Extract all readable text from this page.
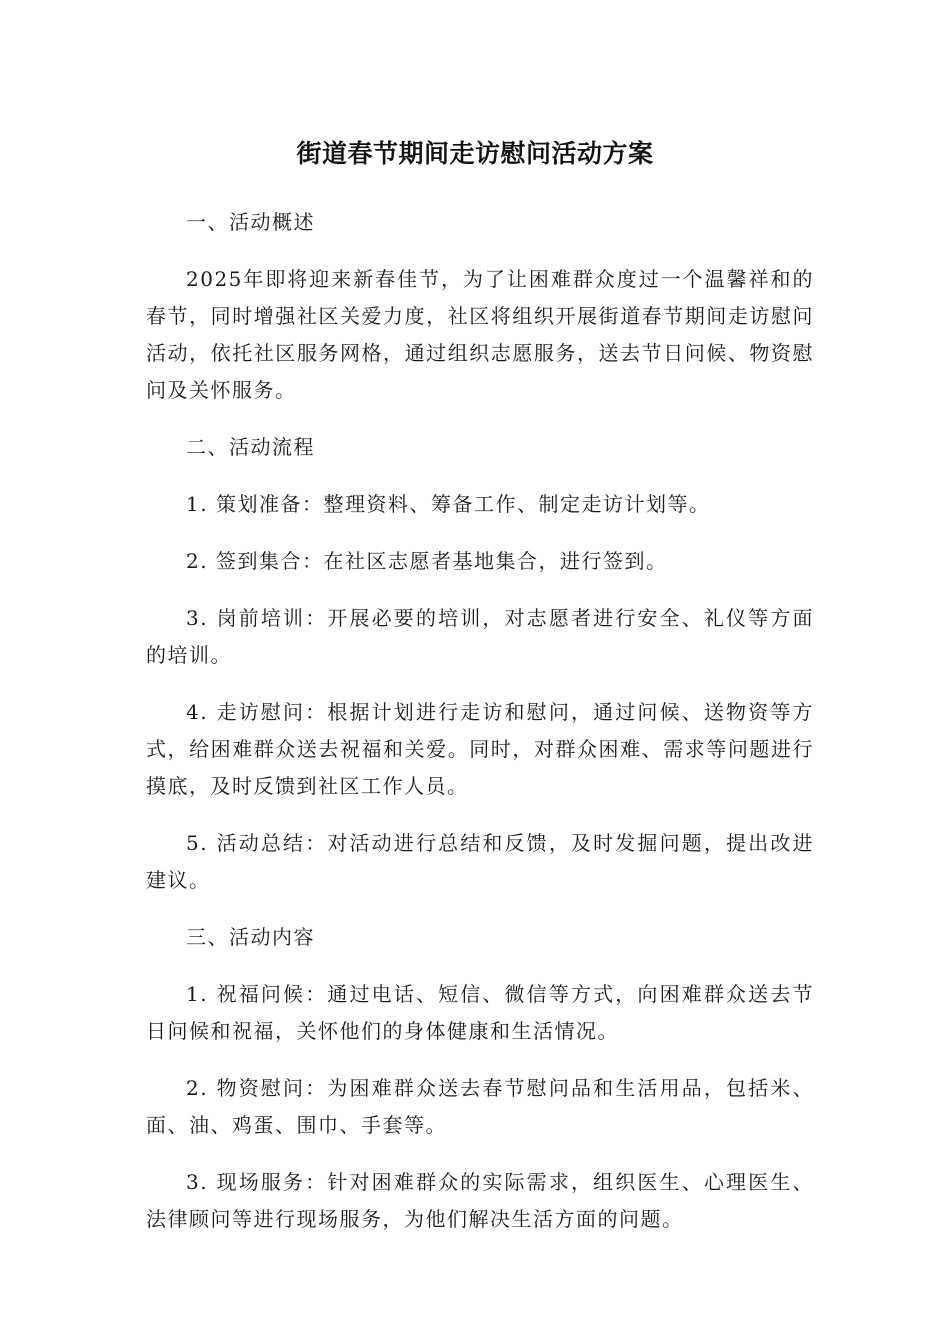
街道春节期间走访慰问活动方案

一、活动概述

2025年即将迎来新春佳节，为了让困难群众度过一个温馨祥和的春节，同时增强社区关爱力度，社区将组织开展街道春节期间走访慰问活动，依托社区服务网格，通过组织志愿服务，送去节日问候、物资慰问及关怀服务。

二、活动流程

1. 策划准备：整理资料、筹备工作、制定走访计划等。

2. 签到集合：在社区志愿者基地集合，进行签到。

3. 岗前培训：开展必要的培训，对志愿者进行安全、礼仪等方面的培训。

4. 走访慰问：根据计划进行走访和慰问，通过问候、送物资等方式，给困难群众送去祝福和关爱。同时，对群众困难、需求等问题进行摸底，及时反馈到社区工作人员。

5. 活动总结：对活动进行总结和反馈，及时发掘问题，提出改进建议。

三、活动内容

1. 祝福问候：通过电话、短信、微信等方式，向困难群众送去节日问候和祝福，关怀他们的身体健康和生活情况。

2. 物资慰问：为困难群众送去春节慰问品和生活用品，包括米、面、油、鸡蛋、围巾、手套等。

3. 现场服务：针对困难群众的实际需求，组织医生、心理医生、法律顾问等进行现场服务，为他们解决生活方面的问题。
